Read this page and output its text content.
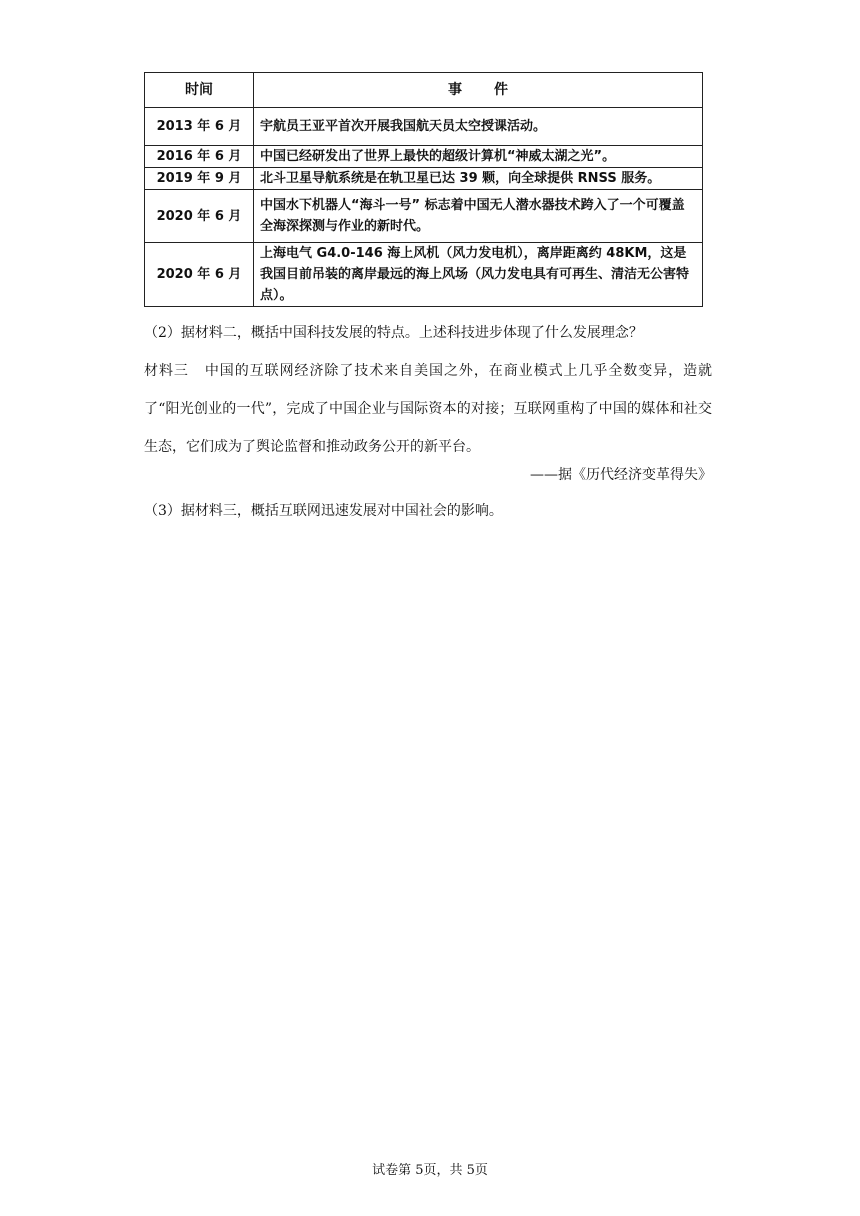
时间	事件
2013 年 6 月	宇航员王亚平首次开展我国航天员太空授课活动。
2016 年 6 月	中国已经研发出了世界上最快的超级计算机“神威太湖之光”。
2019 年 9 月	北斗卫星导航系统是在轨卫星已达 39 颗，向全球提供 RNSS 服务。
2020 年 6 月	中国水下机器人“海斗一号” 标志着中国无人潜水器技术跨入了一个可覆盖全海深探测与作业的新时代。
2020 年 6 月	上海电气 G4.0-146 海上风机（风力发电机），离岸距离约 48KM，这是我国目前吊装的离岸最远的海上风场（风力发电具有可再生、清洁无公害特点）。
（2）据材料二，概括中国科技发展的特点。上述科技进步体现了什么发展理念？
材料三 中国的互联网经济除了技术来自美国之外，在商业模式上几乎全数变异，造就了“阳光创业的一代”，完成了中国企业与国际资本的对接；互联网重构了中国的媒体和社交生态，它们成为了舆论监督和推动政务公开的新平台。
——据《历代经济变革得失》
（3）据材料三，概括互联网迅速发展对中国社会的影响。
试卷第 5页，共 5页
